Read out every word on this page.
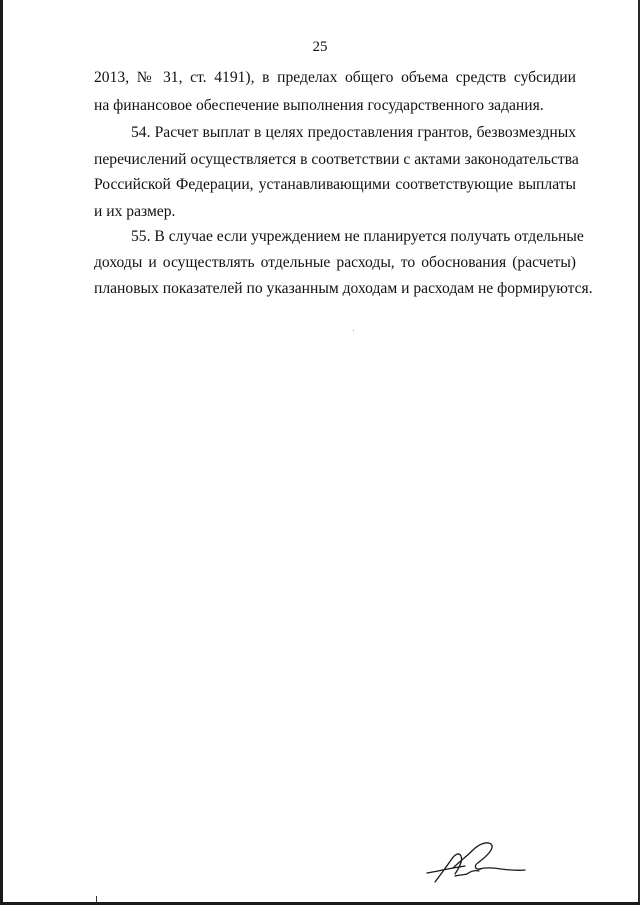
25
2013, № 31, ст. 4191), в пределах общего объема средств субсидии
на финансовое обеспечение выполнения государственного задания.
54. Расчет выплат в целях предоставления грантов, безвозмездных
перечислений осуществляется в соответствии с актами законодательства
Российской Федерации, устанавливающими соответствующие выплаты
и их размер.
55. В случае если учреждением не планируется получать отдельные
доходы и осуществлять отдельные расходы, то обоснования (расчеты)
плановых показателей по указанным доходам и расходам не формируются.
